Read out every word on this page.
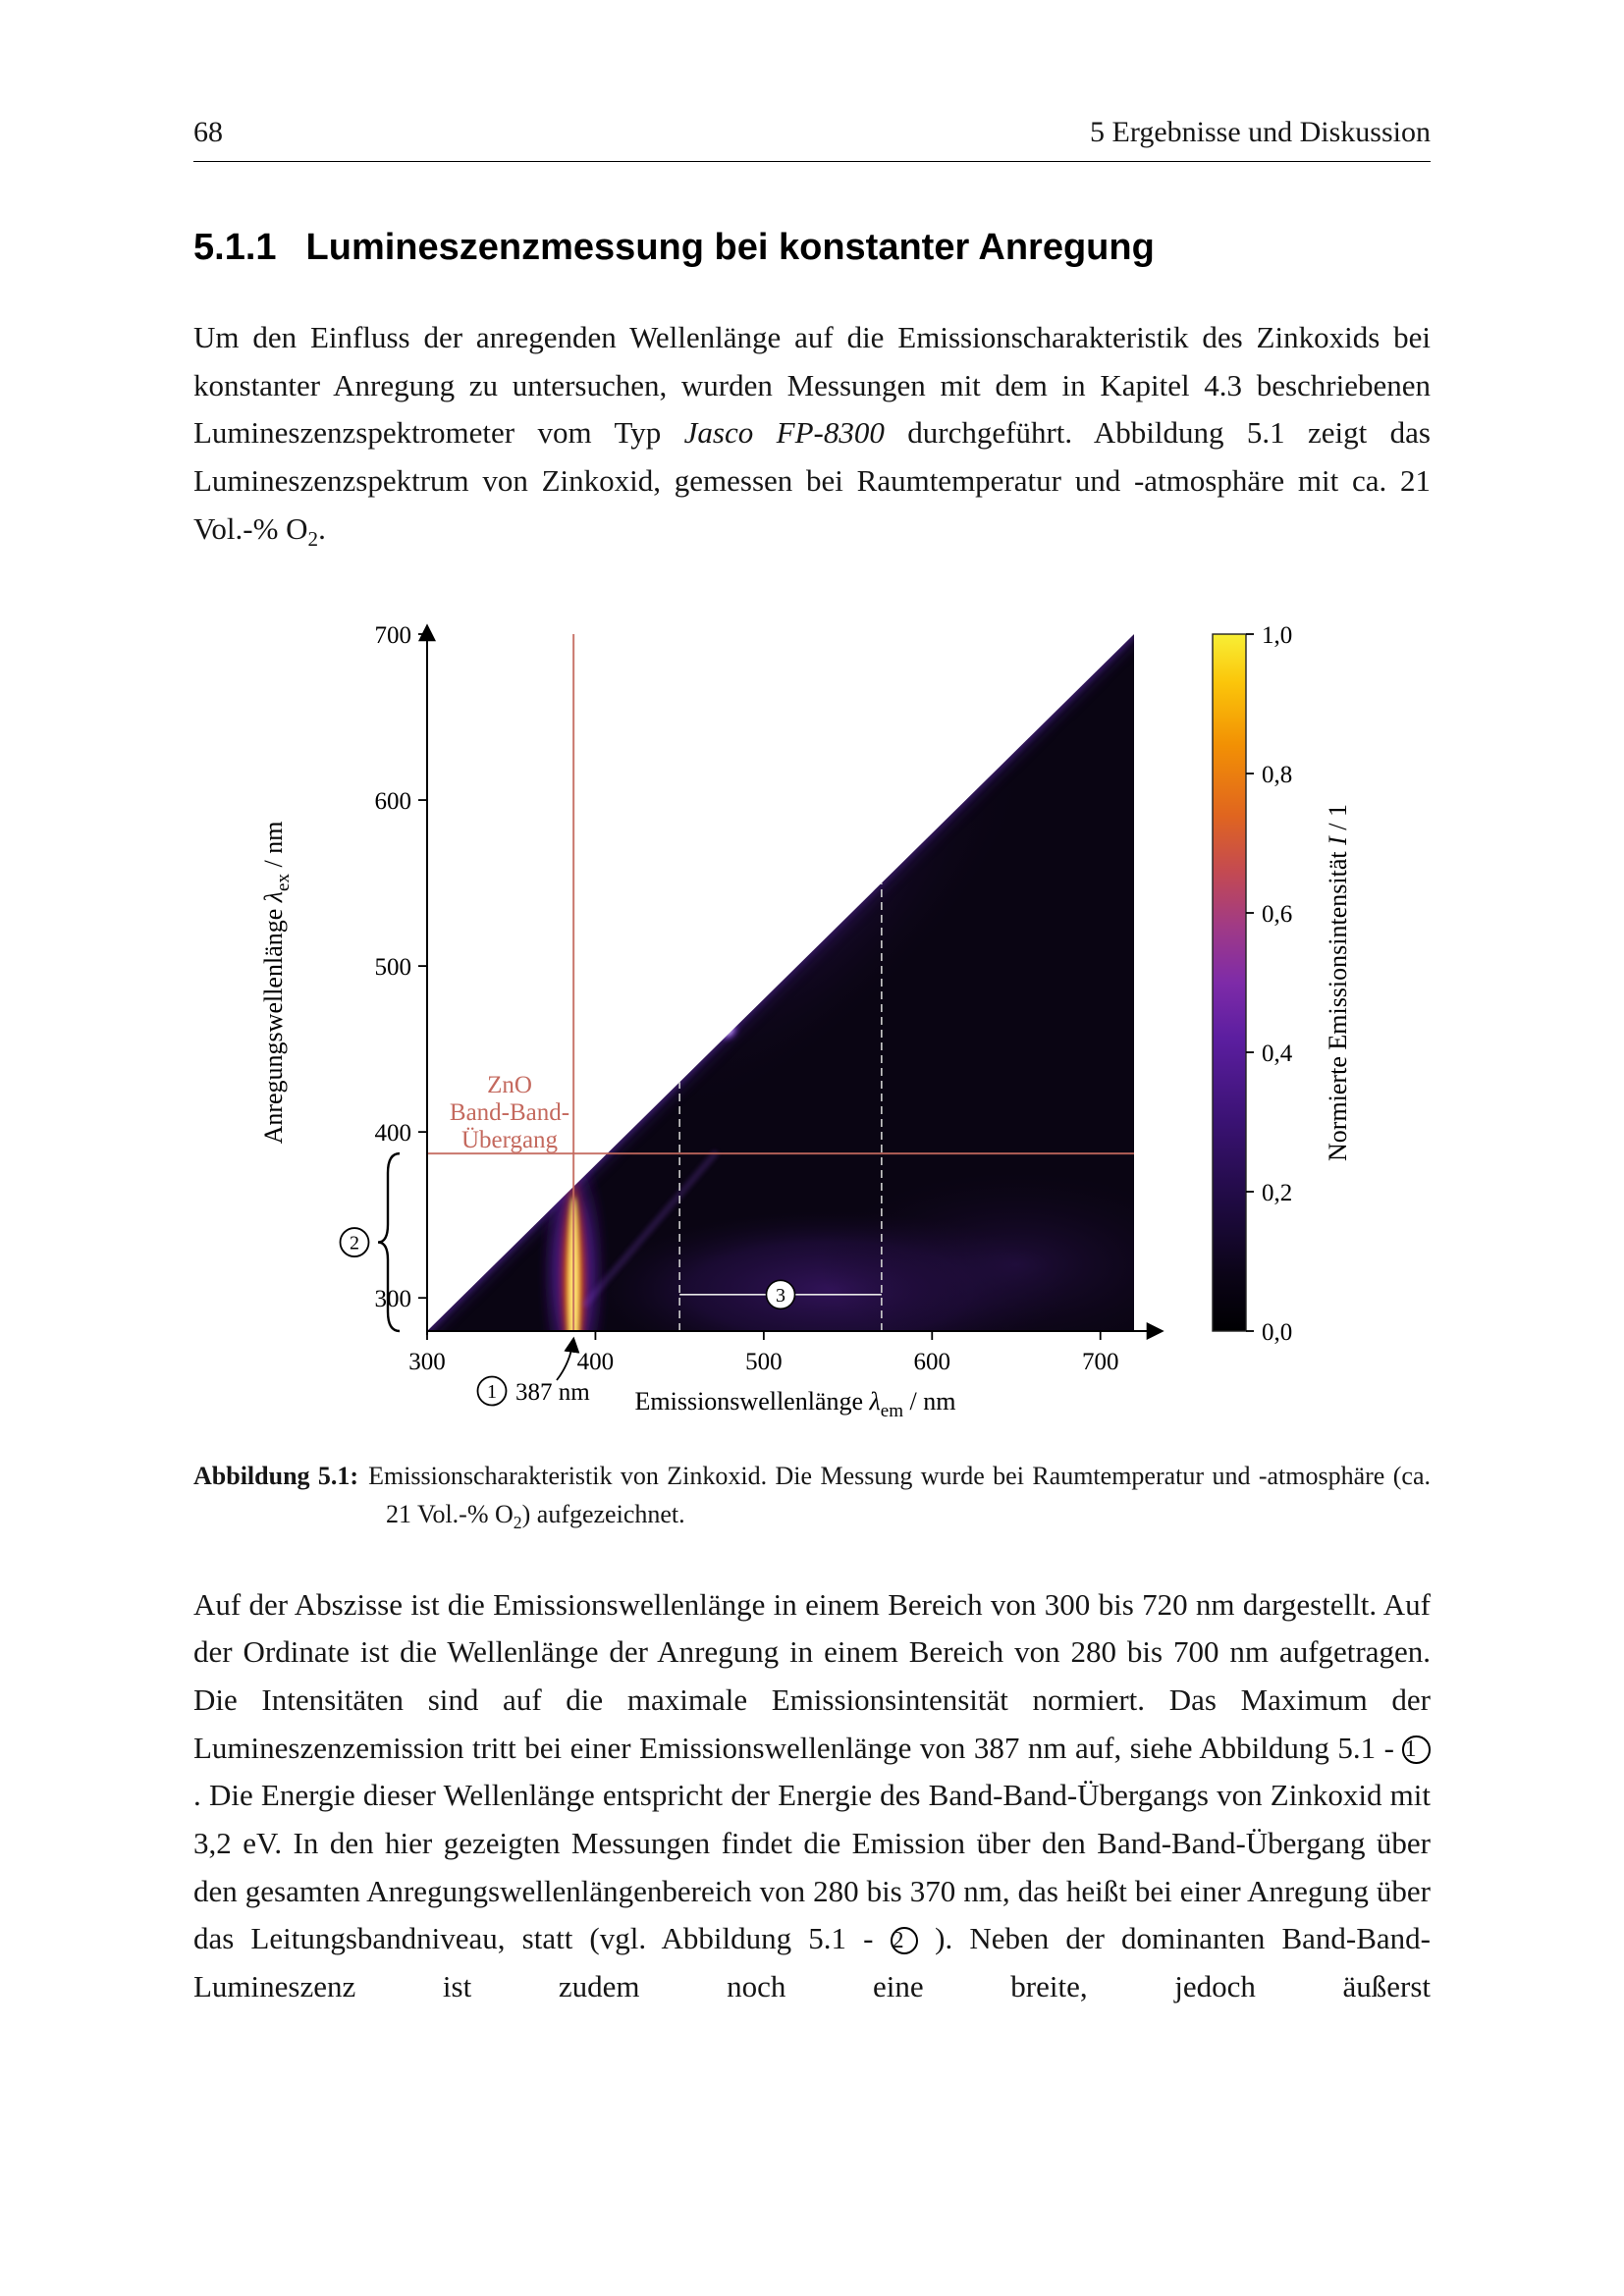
68	5 Ergebnisse und Diskussion
5.1.1 Lumineszenzmessung bei konstanter Anregung

Um den Einfluss der anregenden Wellenlänge auf die Emissionscharakteristik des Zinkoxids bei konstanter Anregung zu untersuchen, wurden Messungen mit dem in Kapitel 4.3 beschriebenen Lumineszenzspektrometer vom Typ Jasco FP-8300 durchgeführt. Abbildung 5.1 zeigt das Lumineszenzspektrum von Zinkoxid, gemessen bei Raumtemperatur und -atmosphäre mit ca. 21 Vol.-% $O_2$.

ZnO
Band-Band-
Übergang
3
300	400	500	600	700
300
400
500
600
700
Emissionswellenlänge $\lambda_{em}$ / nm
Anregungswellenlänge $\lambda_{ex}$ / nm
1 387 nm
2
1,0
0,8
0,6
0,4
0,2
0,0
Normierte Emissionsintensität I / 1
Abbildung 5.1: Emissionscharakteristik von Zinkoxid. Die Messung wurde bei Raumtemperatur und -atmosphäre (ca. 21 Vol.-% $O_2$) aufgezeichnet.

Auf der Abszisse ist die Emissionswellenlänge in einem Bereich von 300 bis 720 nm dargestellt. Auf der Ordinate ist die Wellenlänge der Anregung in einem Bereich von 280 bis 700 nm aufgetragen. Die Intensitäten sind auf die maximale Emissionsintensität normiert. Das Maximum der Lumineszenzemission tritt bei einer Emissionswellenlänge von 387 nm auf, siehe Abbildung 5.1 - 1 . Die Energie dieser Wellenlänge entspricht der Energie des Band-Band-Übergangs von Zinkoxid mit 3,2 eV. In den hier gezeigten Messungen findet die Emission über den Band-Band-Übergang über den gesamten Anregungswellenlängenbereich von 280 bis 370 nm, das heißt bei einer Anregung über das Leitungsbandniveau, statt (vgl. Abbildung 5.1 - 2 ). Neben der dominanten Band-Band-Lumineszenz ist zudem noch eine breite, jedoch äußerst
